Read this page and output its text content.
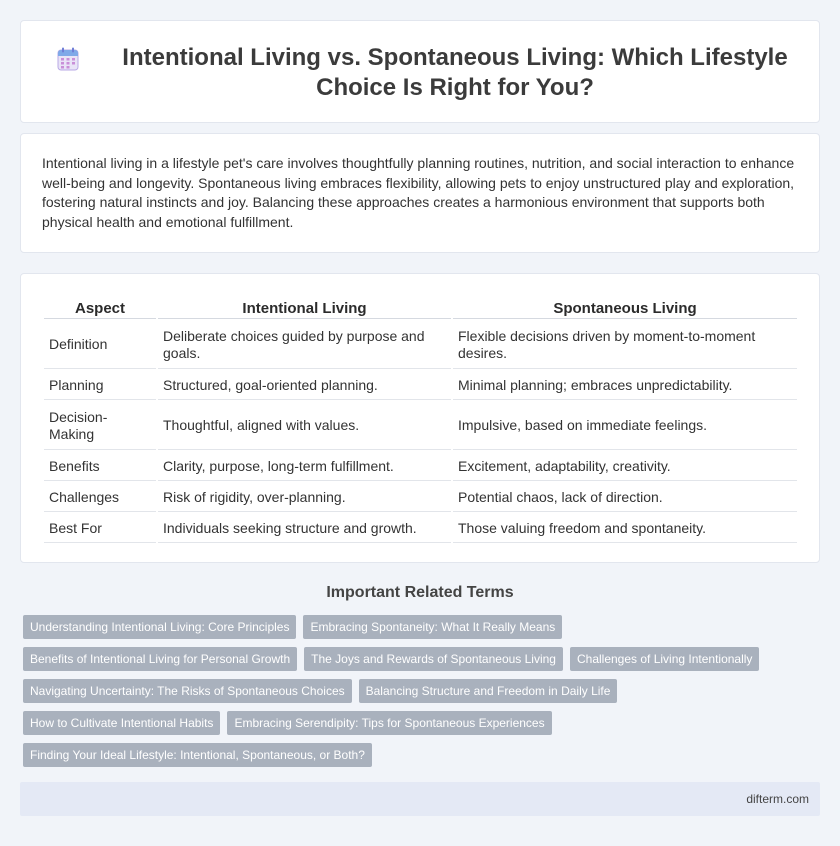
Intentional Living vs. Spontaneous Living: Which Lifestyle Choice Is Right for You?

Intentional living in a lifestyle pet's care involves thoughtfully planning routines, nutrition, and social interaction to enhance well-being and longevity. Spontaneous living embraces flexibility, allowing pets to enjoy unstructured play and exploration, fostering natural instincts and joy. Balancing these approaches creates a harmonious environment that supports both physical health and emotional fulfillment.

Aspect	Intentional Living	Spontaneous Living
Definition	Deliberate choices guided by purpose and goals.	Flexible decisions driven by moment-to-moment desires.
Planning	Structured, goal-oriented planning.	Minimal planning; embraces unpredictability.
Decision-Making	Thoughtful, aligned with values.	Impulsive, based on immediate feelings.
Benefits	Clarity, purpose, long-term fulfillment.	Excitement, adaptability, creativity.
Challenges	Risk of rigidity, over-planning.	Potential chaos, lack of direction.
Best For	Individuals seeking structure and growth.	Those valuing freedom and spontaneity.
Important Related Terms
Understanding Intentional Living: Core Principles	Embracing Spontaneity: What It Really Means
Benefits of Intentional Living for Personal Growth	The Joys and Rewards of Spontaneous Living	Challenges of Living Intentionally
Navigating Uncertainty: The Risks of Spontaneous Choices	Balancing Structure and Freedom in Daily Life
How to Cultivate Intentional Habits	Embracing Serendipity: Tips for Spontaneous Experiences
Finding Your Ideal Lifestyle: Intentional, Spontaneous, or Both?
difterm.com
